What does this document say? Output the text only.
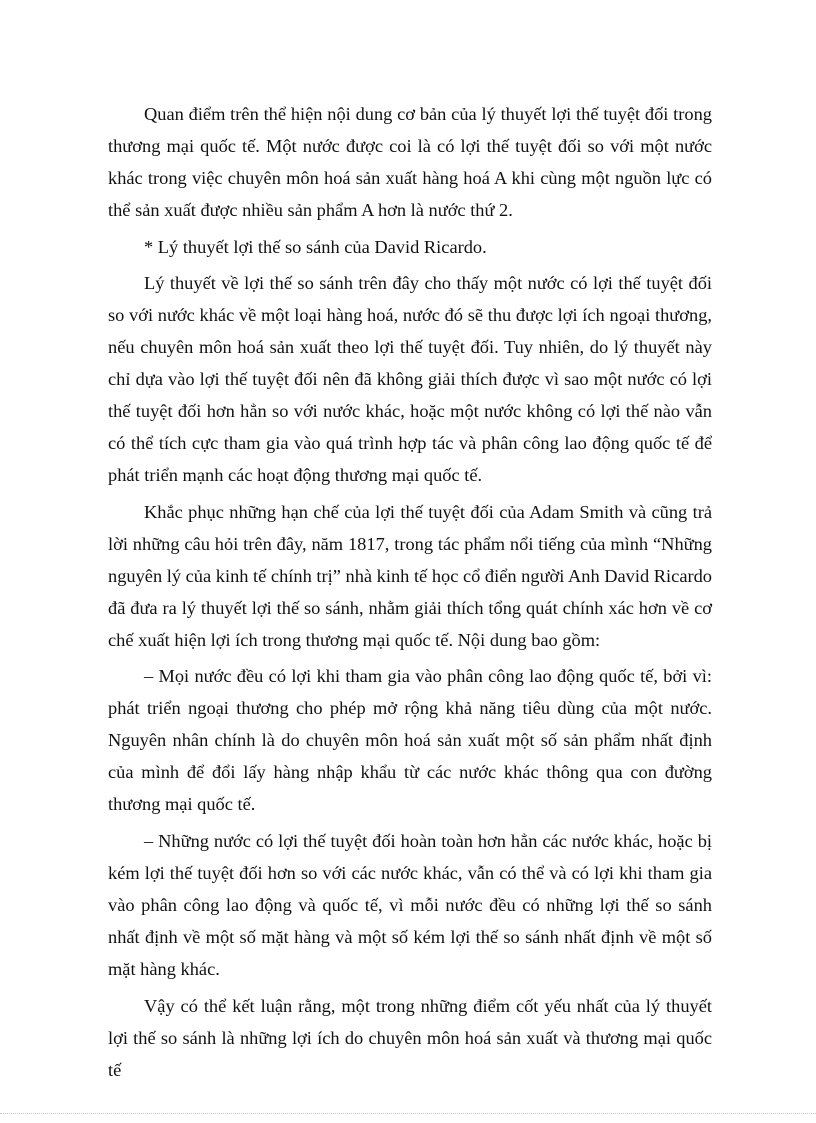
Quan điểm trên thể hiện nội dung cơ bản của lý thuyết lợi thế tuyệt đối trong thương mại quốc tế. Một nước được coi là có lợi thế tuyệt đối so với một nước khác trong việc chuyên môn hoá sản xuất hàng hoá A khi cùng một nguồn lực có thể sản xuất được nhiều sản phẩm A hơn là nước thứ 2.

* Lý thuyết lợi thế so sánh của David Ricardo.

Lý thuyết về lợi thế so sánh trên đây cho thấy một nước có lợi thế tuyệt đối so với nước khác về một loại hàng hoá, nước đó sẽ thu được lợi ích ngoại thương, nếu chuyên môn hoá sản xuất theo lợi thế tuyệt đối. Tuy nhiên, do lý thuyết này chỉ dựa vào lợi thế tuyệt đối nên đã không giải thích được vì sao một nước có lợi thế tuyệt đối hơn hẳn so với nước khác, hoặc một nước không có lợi thế nào vẫn có thể tích cực tham gia vào quá trình hợp tác và phân công lao động quốc tế để phát triển mạnh các hoạt động thương mại quốc tế.

Khắc phục những hạn chế của lợi thế tuyệt đối của Adam Smith và cũng trả lời những câu hỏi trên đây, năm 1817, trong tác phẩm nổi tiếng của mình “Những nguyên lý của kinh tế chính trị” nhà kinh tế học cổ điển người Anh David Ricardo đã đưa ra lý thuyết lợi thế so sánh, nhằm giải thích tổng quát chính xác hơn về cơ chế xuất hiện lợi ích trong thương mại quốc tế. Nội dung bao gồm:

– Mọi nước đều có lợi khi tham gia vào phân công lao động quốc tế, bởi vì: phát triển ngoại thương cho phép mở rộng khả năng tiêu dùng của một nước. Nguyên nhân chính là do chuyên môn hoá sản xuất một số sản phẩm nhất định của mình để đổi lấy hàng nhập khẩu từ các nước khác thông qua con đường thương mại quốc tế.

– Những nước có lợi thế tuyệt đối hoàn toàn hơn hẳn các nước khác, hoặc bị kém lợi thế tuyệt đối hơn so với các nước khác, vẫn có thể và có lợi khi tham gia vào phân công lao động và quốc tế, vì mỗi nước đều có những lợi thế so sánh nhất định về một số mặt hàng và một số kém lợi thế so sánh nhất định về một số mặt hàng khác.

Vậy có thể kết luận rằng, một trong những điểm cốt yếu nhất của lý thuyết lợi thế so sánh là những lợi ích do chuyên môn hoá sản xuất và thương mại quốc tế
